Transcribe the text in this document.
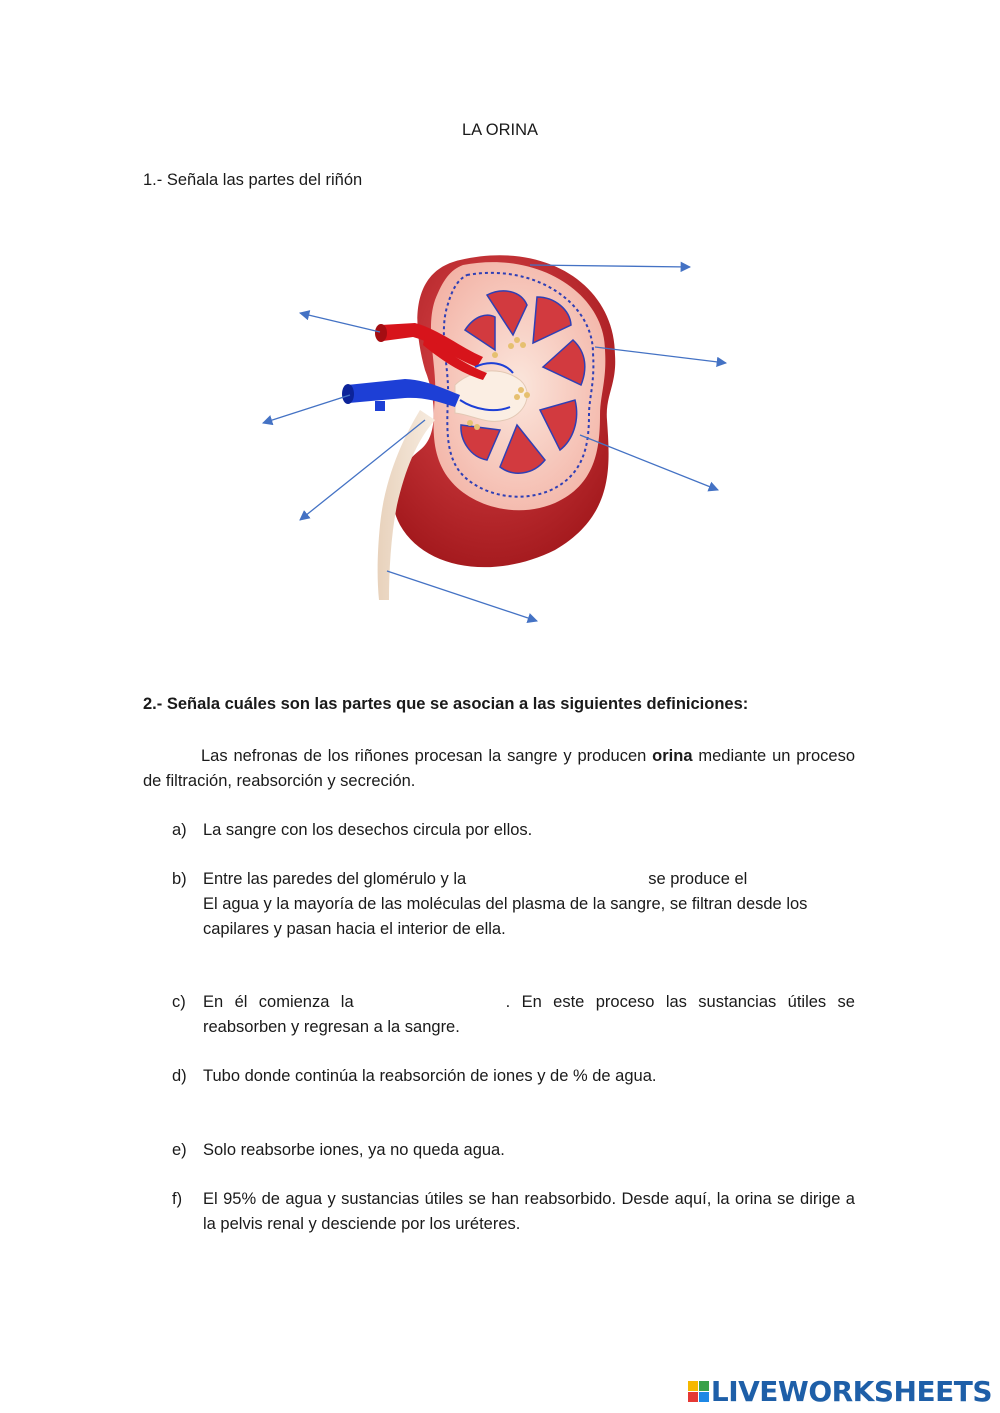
LA ORINA
1.- Señala las partes del riñón
2.- Señala cuáles son las partes que se asocian a las siguientes definiciones:
Las nefronas de los riñones procesan la sangre y producen orina mediante un proceso de filtración, reabsorción y secreción.
a) La sangre con los desechos circula por ellos.
b) Entre las paredes del glomérulo y la	se produce el
El agua y la mayoría de las moléculas del plasma de la sangre, se filtran desde los capilares y pasan hacia el interior de ella.
c)	En él comienza la	. En este proceso las sustancias útiles se reabsorben y regresan a la sangre.
d) Tubo donde continúa la reabsorción de iones y de % de agua.
e) Solo reabsorbe iones, ya no queda agua.
f)	El 95% de agua y sustancias útiles se han reabsorbido. Desde aquí, la orina se dirige a la pelvis renal y desciende por los uréteres.
LIVEWORKSHEETS
